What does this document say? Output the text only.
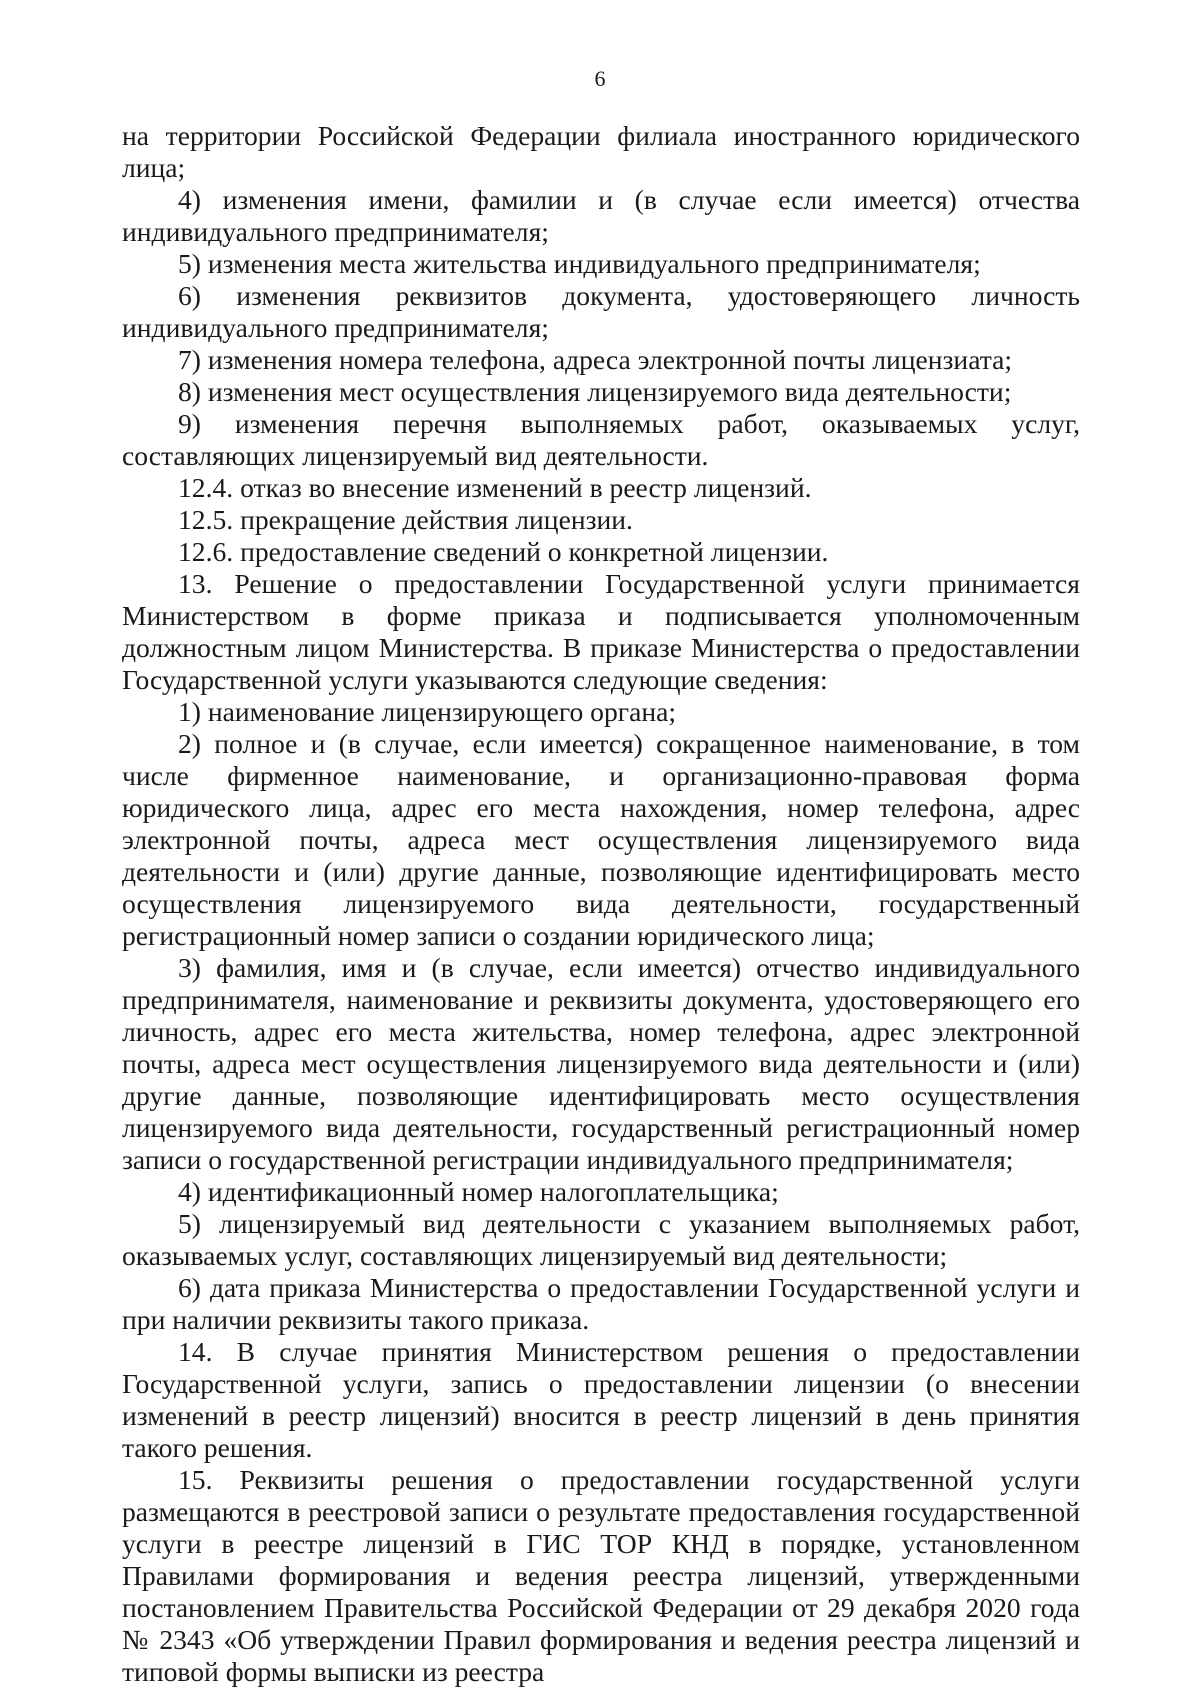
6

на территории Российской Федерации филиала иностранного юридического лица;

4) изменения имени, фамилии и (в случае если имеется) отчества индивидуального предпринимателя;

5) изменения места жительства индивидуального предпринимателя;

6) изменения реквизитов документа, удостоверяющего личность индивидуального предпринимателя;

7) изменения номера телефона, адреса электронной почты лицензиата;

8) изменения мест осуществления лицензируемого вида деятельности;

9) изменения перечня выполняемых работ, оказываемых услуг, составляющих лицензируемый вид деятельности.

12.4. отказ во внесение изменений в реестр лицензий.

12.5. прекращение действия лицензии.

12.6. предоставление сведений о конкретной лицензии.

13. Решение о предоставлении Государственной услуги принимается Министерством в форме приказа и подписывается уполномоченным должностным лицом Министерства. В приказе Министерства о предоставлении Государственной услуги указываются следующие сведения:

1) наименование лицензирующего органа;

2) полное и (в случае, если имеется) сокращенное наименование, в том числе фирменное наименование, и организационно-правовая форма юридического лица, адрес его места нахождения, номер телефона, адрес электронной почты, адреса мест осуществления лицензируемого вида деятельности и (или) другие данные, позволяющие идентифицировать место осуществления лицензируемого вида деятельности, государственный регистрационный номер записи о создании юридического лица;

3) фамилия, имя и (в случае, если имеется) отчество индивидуального предпринимателя, наименование и реквизиты документа, удостоверяющего его личность, адрес его места жительства, номер телефона, адрес электронной почты, адреса мест осуществления лицензируемого вида деятельности и (или) другие данные, позволяющие идентифицировать место осуществления лицензируемого вида деятельности, государственный регистрационный номер записи о государственной регистрации индивидуального предпринимателя;

4) идентификационный номер налогоплательщика;

5) лицензируемый вид деятельности с указанием выполняемых работ, оказываемых услуг, составляющих лицензируемый вид деятельности;

6) дата приказа Министерства о предоставлении Государственной услуги и при наличии реквизиты такого приказа.

14. В случае принятия Министерством решения о предоставлении Государственной услуги, запись о предоставлении лицензии (о внесении изменений в реестр лицензий) вносится в реестр лицензий в день принятия такого решения.

15. Реквизиты решения о предоставлении государственной услуги размещаются в реестровой записи о результате предоставления государственной услуги в реестре лицензий в ГИС ТОР КНД в порядке, установленном Правилами формирования и ведения реестра лицензий, утвержденными постановлением Правительства Российской Федерации от 29 декабря 2020 года № 2343 «Об утверждении Правил формирования и ведения реестра лицензий и типовой формы выписки из реестра
